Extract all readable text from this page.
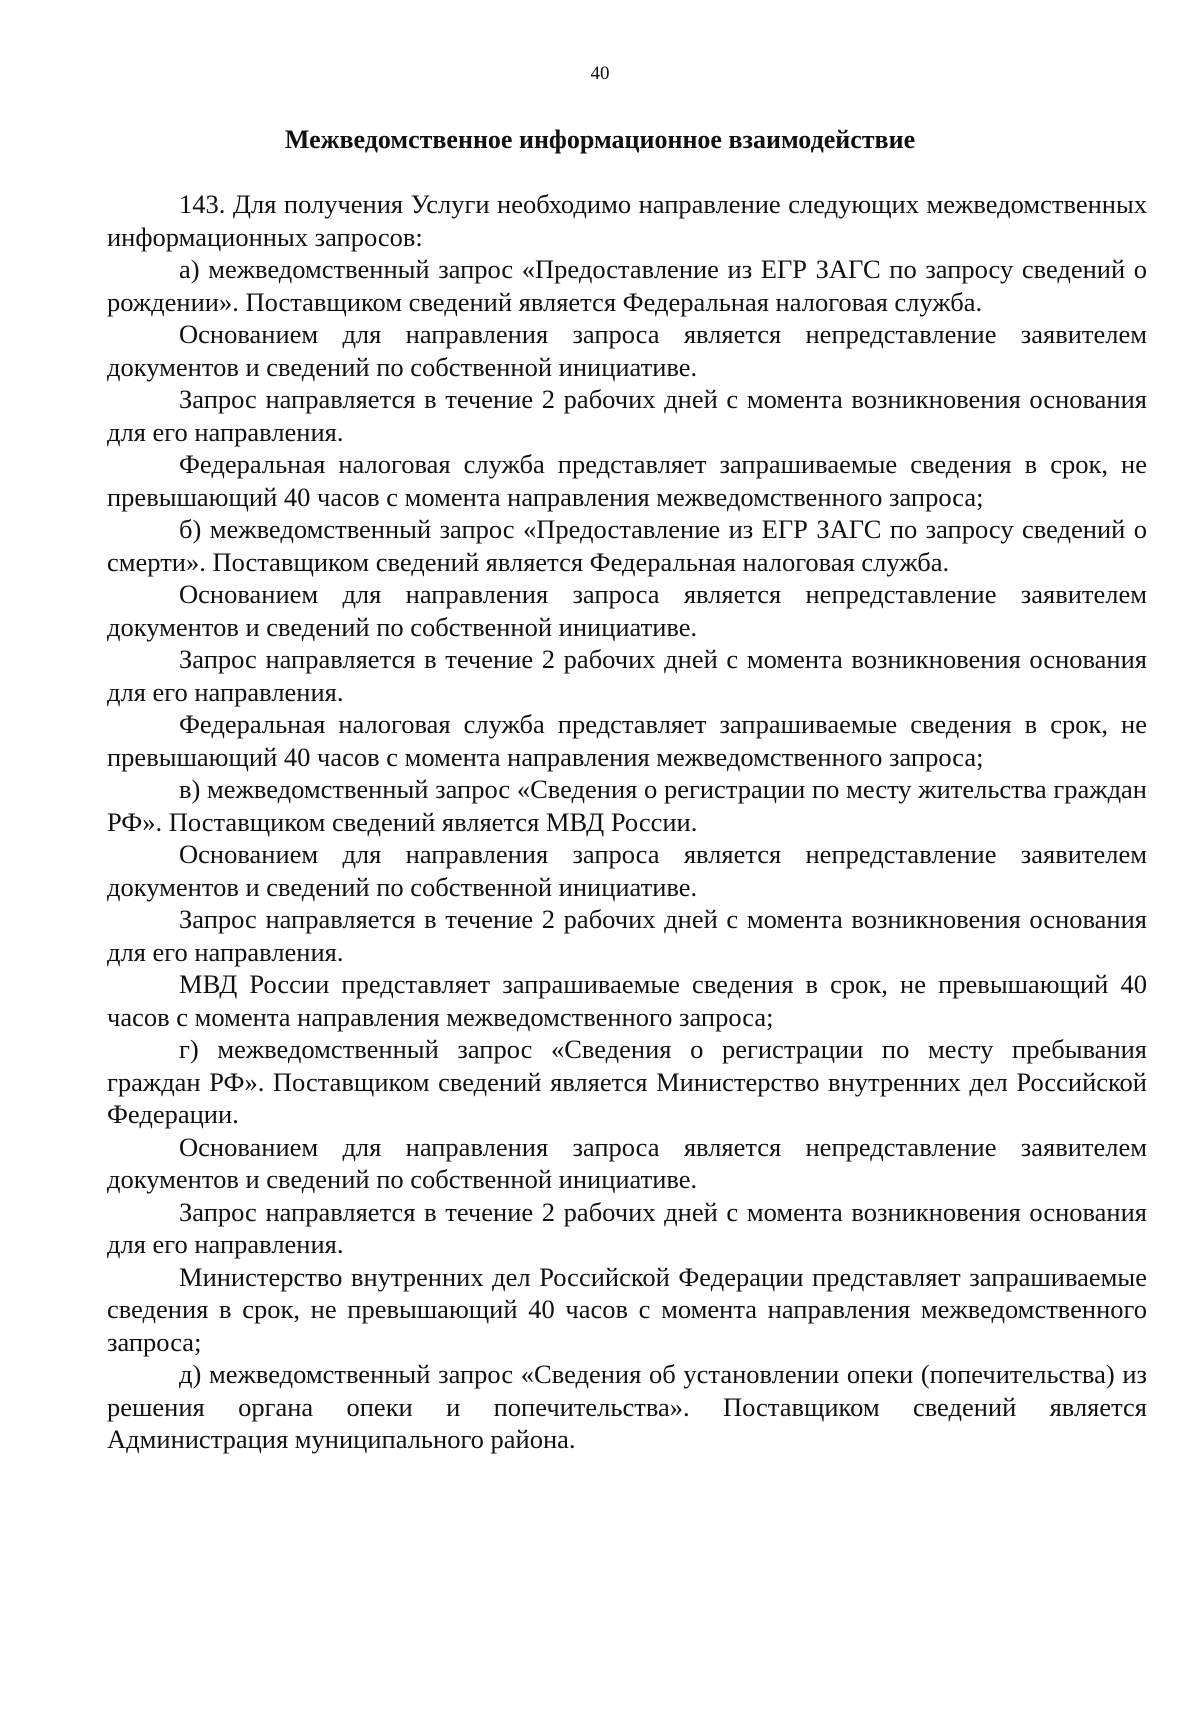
40
Межведомственное информационное взаимодействие

143. Для получения Услуги необходимо направление следующих межведомственных информационных запросов:

а) межведомственный запрос «Предоставление из ЕГР ЗАГС по запросу сведений о рождении». Поставщиком сведений является Федеральная налоговая служба.

Основанием для направления запроса является непредставление заявителем документов и сведений по собственной инициативе.

Запрос направляется в течение 2 рабочих дней с момента возникновения основания для его направления.

Федеральная налоговая служба представляет запрашиваемые сведения в срок, не превышающий 40 часов с момента направления межведомственного запроса;

б) межведомственный запрос «Предоставление из ЕГР ЗАГС по запросу сведений о смерти». Поставщиком сведений является Федеральная налоговая служба.

Основанием для направления запроса является непредставление заявителем документов и сведений по собственной инициативе.

Запрос направляется в течение 2 рабочих дней с момента возникновения основания для его направления.

Федеральная налоговая служба представляет запрашиваемые сведения в срок, не превышающий 40 часов с момента направления межведомственного запроса;

в) межведомственный запрос «Сведения о регистрации по месту жительства граждан РФ». Поставщиком сведений является МВД России.

Основанием для направления запроса является непредставление заявителем документов и сведений по собственной инициативе.

Запрос направляется в течение 2 рабочих дней с момента возникновения основания для его направления.

МВД России представляет запрашиваемые сведения в срок, не превышающий 40 часов с момента направления межведомственного запроса;

г) межведомственный запрос «Сведения о регистрации по месту пребывания граждан РФ». Поставщиком сведений является Министерство внутренних дел Российской Федерации.

Основанием для направления запроса является непредставление заявителем документов и сведений по собственной инициативе.

Запрос направляется в течение 2 рабочих дней с момента возникновения основания для его направления.

Министерство внутренних дел Российской Федерации представляет запрашиваемые сведения в срок, не превышающий 40 часов с момента направления межведомственного запроса;

д) межведомственный запрос «Сведения об установлении опеки (попечительства) из решения органа опеки и попечительства». Поставщиком сведений является Администрация муниципального района.
